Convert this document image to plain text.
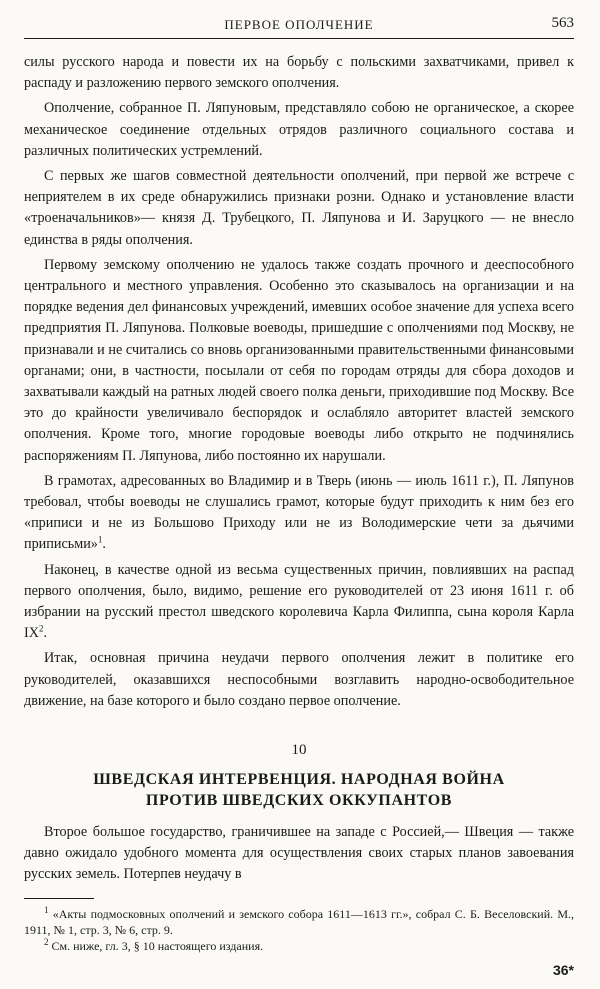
ПЕРВОЕ ОПОЛЧЕНИЕ	563

силы русского народа и повести их на борьбу с польскими захватчиками, привел к распаду и разложению первого земского ополчения.

Ополчение, собранное П. Ляпуновым, представляло собою не органическое, а скорее механическое соединение отдельных отрядов различного социального состава и различных политических устремлений.

С первых же шагов совместной деятельности ополчений, при первой же встрече с неприятелем в их среде обнаружились признаки розни. Однако и установление власти «троеначальников»— князя Д. Трубецкого, П. Ляпунова и И. Заруцкого — не внесло единства в ряды ополчения.

Первому земскому ополчению не удалось также создать прочного и дееспособного центрального и местного управления. Особенно это сказывалось на организации и на порядке ведения дел финансовых учреждений, имевших особое значение для успеха всего предприятия П. Ляпунова. Полковые воеводы, пришедшие с ополчениями под Москву, не признавали и не считались со вновь организованными правительственными финансовыми органами; они, в частности, посылали от себя по городам отряды для сбора доходов и захватывали каждый на ратных людей своего полка деньги, приходившие под Москву. Все это до крайности увеличивало беспорядок и ослабляло авторитет властей земского ополчения. Кроме того, многие городовые воеводы либо открыто не подчинялись распоряжениям П. Ляпунова, либо постоянно их нарушали.

В грамотах, адресованных во Владимир и в Тверь (июнь — июль 1611 г.), П. Ляпунов требовал, чтобы воеводы не слушались грамот, которые будут приходить к ним без его «приписи и не из Большово Приходу или не из Володимерские чети за дьячими приписьми»$^1$.

Наконец, в качестве одной из весьма существенных причин, повлиявших на распад первого ополчения, было, видимо, решение его руководителей от 23 июня 1611 г. об избрании на русский престол шведского королевича Карла Филиппа, сына короля Карла $IX^2$.

Итак, основная причина неудачи первого ополчения лежит в политике его руководителей, оказавшихся неспособными возглавить народно-освободительное движение, на базе которого и было создано первое ополчение.

10
ШВЕДСКАЯ ИНТЕРВЕНЦИЯ. НАРОДНАЯ ВОЙНА
ПРОТИВ ШВЕДСКИХ ОККУПАНТОВ

Второе большое государство, граничившее на западе с Россией,— Швеция — также давно ожидало удобного момента для осуществления своих старых планов завоевания русских земель. Потерпев неудачу в

$^1$ «Акты подмосковных ополчений и земского собора 1611—1613 гг.», собрал С. Б. Веселовский. М., 1911, № 1, стр. 3, № 6, стр. 9.

$^2$ См. ниже, гл. 3, § 10 настоящего издания.

36*
